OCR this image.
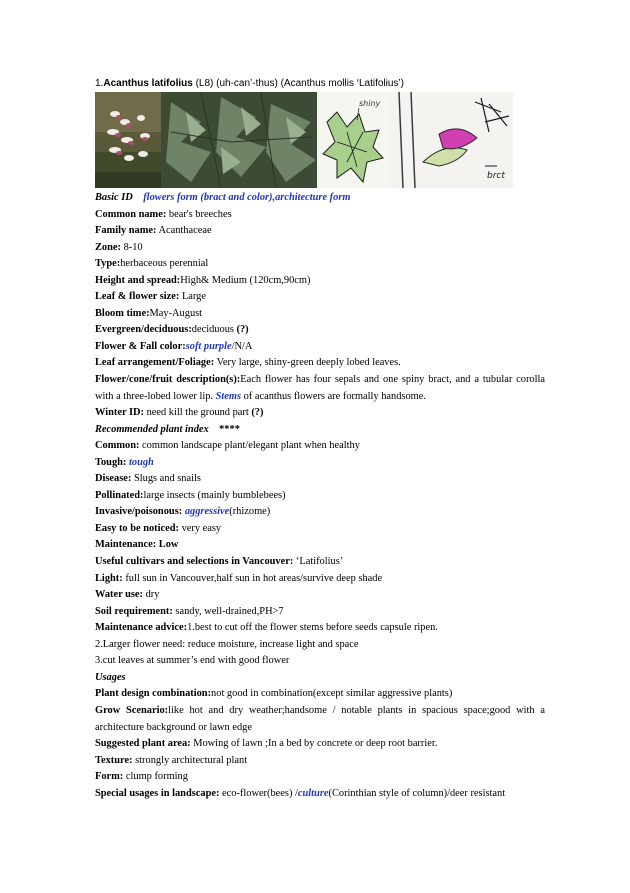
1.Acanthus latifolius (L8) (uh-can’-thus) (Acanthus mollis ‘Latifolius’)
shiny
brct
Basic ID flowers form (bract and color),architecture form
Common name: bear's breeches
Family name: Acanthaceae
Zone: 8-10
Type:herbaceous perennial
Height and spread:High& Medium (120cm,90cm)
Leaf & flower size: Large
Bloom time:May-August
Evergreen/deciduous:deciduous (?)
Flower & Fall color:soft purple/N/A
Leaf arrangement/Foliage: Very large, shiny-green deeply lobed leaves.
Flower/cone/fruit description(s):Each flower has four sepals and one spiny bract, and a tubular corolla with a three-lobed lower lip. Stems of acanthus flowers are formally handsome.
Winter ID: need kill the ground part (?)
Recommended plant index ****
Common: common landscape plant/elegant plant when healthy
Tough: tough
Disease: Slugs and snails
Pollinated:large insects (mainly bumblebees)
Invasive/poisonous: aggressive(rhizome)
Easy to be noticed: very easy
Maintenance: Low
Useful cultivars and selections in Vancouver: ‘Latifolius’
Light: full sun in Vancouver,half sun in hot areas/survive deep shade
Water use: dry
Soil requirement: sandy, well-drained,PH>7
Maintenance advice:1.best to cut off the flower stems before seeds capsule ripen.
2.Larger flower need: reduce moisture, increase light and space
3.cut leaves at summer’s end with good flower
Usages
Plant design combination:not good in combination(except similar aggressive plants)
Grow Scenario:like hot and dry weather;handsome / notable plants in spacious space;good with a architecture background or lawn edge
Suggested plant area: Mowing of lawn ;In a bed by concrete or deep root barrier.
Texture: strongly architectural plant
Form: clump forming
Special usages in landscape: eco-flower(bees) /culture(Corinthian style of column)/deer resistant
